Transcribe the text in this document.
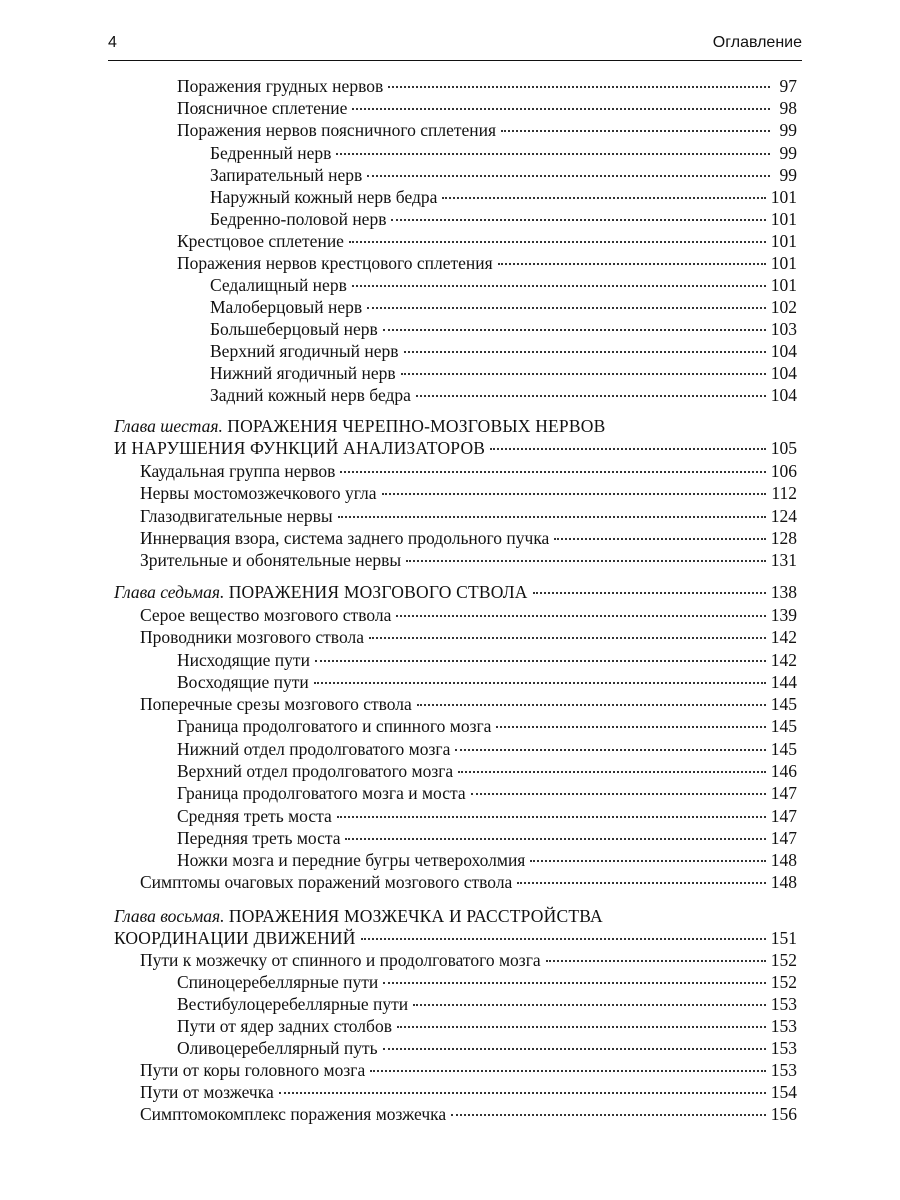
4	Оглавление
Поражения грудных нервов	97
Поясничное сплетение	98
Поражения нервов поясничного сплетения	99
Бедренный нерв	99
Запирательный нерв	99
Наружный кожный нерв бедра	101
Бедренно-половой нерв	101
Крестцовое сплетение	101
Поражения нервов крестцового сплетения	101
Седалищный нерв	101
Малоберцовый нерв	102
Большеберцовый нерв	103
Верхний ягодичный нерв	104
Нижний ягодичный нерв	104
Задний кожный нерв бедра	104
Глава шестая. ПОРАЖЕНИЯ ЧЕРЕПНО-МОЗГОВЫХ НЕРВОВ
И НАРУШЕНИЯ ФУНКЦИЙ АНАЛИЗАТОРОВ	105
Каудальная группа нервов	106
Нервы мостомозжечкового угла	112
Глазодвигательные нервы	124
Иннервация взора, система заднего продольного пучка	128
Зрительные и обонятельные нервы	131
Глава седьмая. ПОРАЖЕНИЯ МОЗГОВОГО СТВОЛА	138
Серое вещество мозгового ствола	139
Проводники мозгового ствола	142
Нисходящие пути	142
Восходящие пути	144
Поперечные срезы мозгового ствола	145
Граница продолговатого и спинного мозга	145
Нижний отдел продолговатого мозга	145
Верхний отдел продолговатого мозга	146
Граница продолговатого мозга и моста	147
Средняя треть моста	147
Передняя треть моста	147
Ножки мозга и передние бугры четверохолмия	148
Симптомы очаговых поражений мозгового ствола	148
Глава восьмая. ПОРАЖЕНИЯ МОЗЖЕЧКА И РАССТРОЙСТВА
КООРДИНАЦИИ ДВИЖЕНИЙ	151
Пути к мозжечку от спинного и продолговатого мозга	152
Спиноцеребеллярные пути	152
Вестибулоцеребеллярные пути	153
Пути от ядер задних столбов	153
Оливоцеребеллярный путь	153
Пути от коры головного мозга	153
Пути от мозжечка	154
Симптомокомплекс поражения мозжечка	156
